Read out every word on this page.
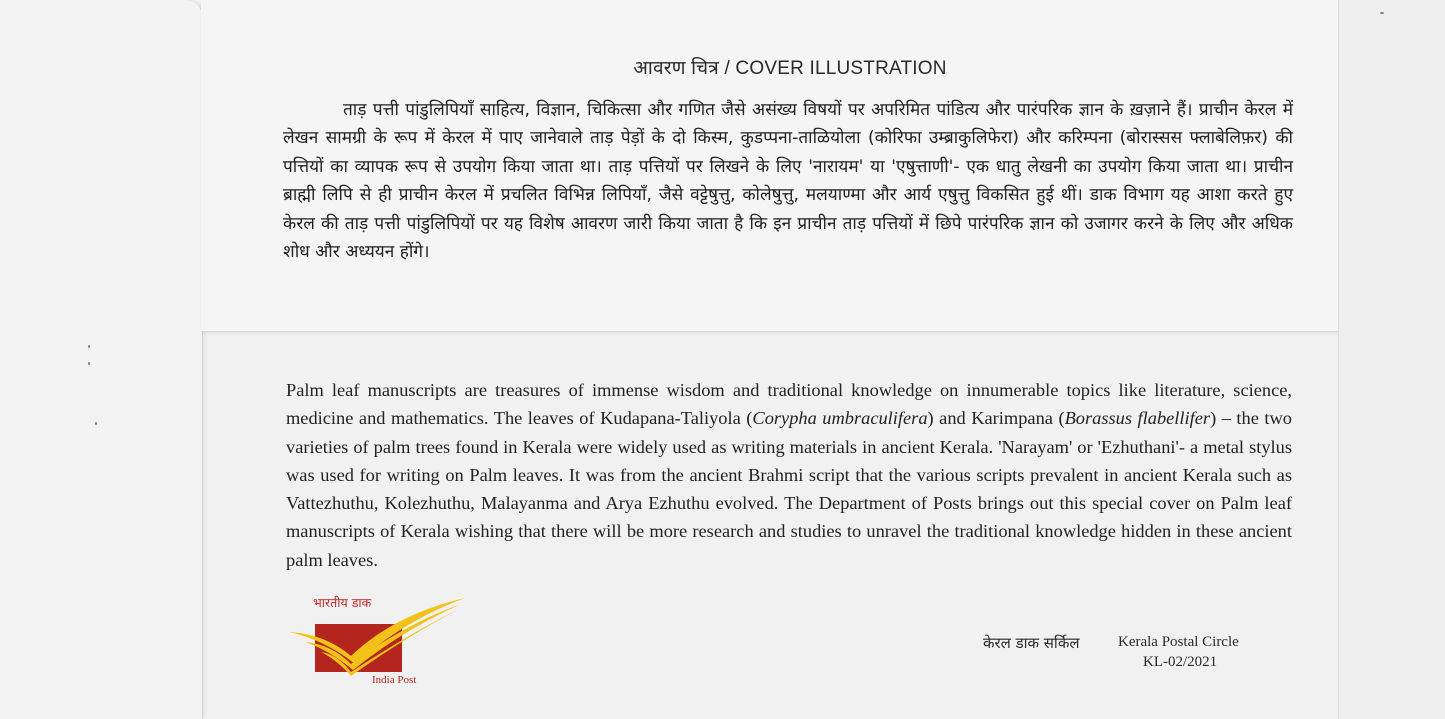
आवरण चित्र / COVER ILLUSTRATION
ताड़ पत्ती पांडुलिपियाँ साहित्य, विज्ञान, चिकित्सा और गणित जैसे असंख्य विषयों पर अपरिमित पांडित्य और पारंपरिक ज्ञान के ख़ज़ाने हैं। प्राचीन केरल में लेखन सामग्री के रूप में केरल में पाए जानेवाले ताड़ पेड़ों के दो किस्म, कुडप्पना-ताळियोला (कोरिफा उम्ब्राकुलिफेरा) और करिम्पना (बोरास्सस फ्लाबेलिफ़र) की पत्तियों का व्यापक रूप से उपयोग किया जाता था। ताड़ पत्तियों पर लिखने के लिए 'नारायम' या 'एषुत्ताणी'- एक धातु लेखनी का उपयोग किया जाता था। प्राचीन ब्राह्मी लिपि से ही प्राचीन केरल में प्रचलित विभिन्न लिपियाँ, जैसे वट्टेषुत्तु, कोलेषुत्तु, मलयाण्मा और आर्य एषुत्तु विकसित हुई थीं। डाक विभाग यह आशा करते हुए केरल की ताड़ पत्ती पांडुलिपियों पर यह विशेष आवरण जारी किया जाता है कि इन प्राचीन ताड़ पत्तियों में छिपे पारंपरिक ज्ञान को उजागर करने के लिए और अधिक शोध और अध्ययन होंगे।
Palm leaf manuscripts are treasures of immense wisdom and traditional knowledge on innumerable topics like literature, science, medicine and mathematics. The leaves of Kudapana-Taliyola (Corypha umbraculifera) and Karimpana (Borassus flabellifer) – the two varieties of palm trees found in Kerala were widely used as writing materials in ancient Kerala. 'Narayam' or 'Ezhuthani'- a metal stylus was used for writing on Palm leaves. It was from the ancient Brahmi script that the various scripts prevalent in ancient Kerala such as Vattezhuthu, Kolezhuthu, Malayanma and Arya Ezhuthu evolved. The Department of Posts brings out this special cover on Palm leaf manuscripts of Kerala wishing that there will be more research and studies to unravel the traditional knowledge hidden in these ancient palm leaves.
भारतीय डाक
India Post
केरल डाक सर्किल	Kerala Postal Circle
KL-02/2021
